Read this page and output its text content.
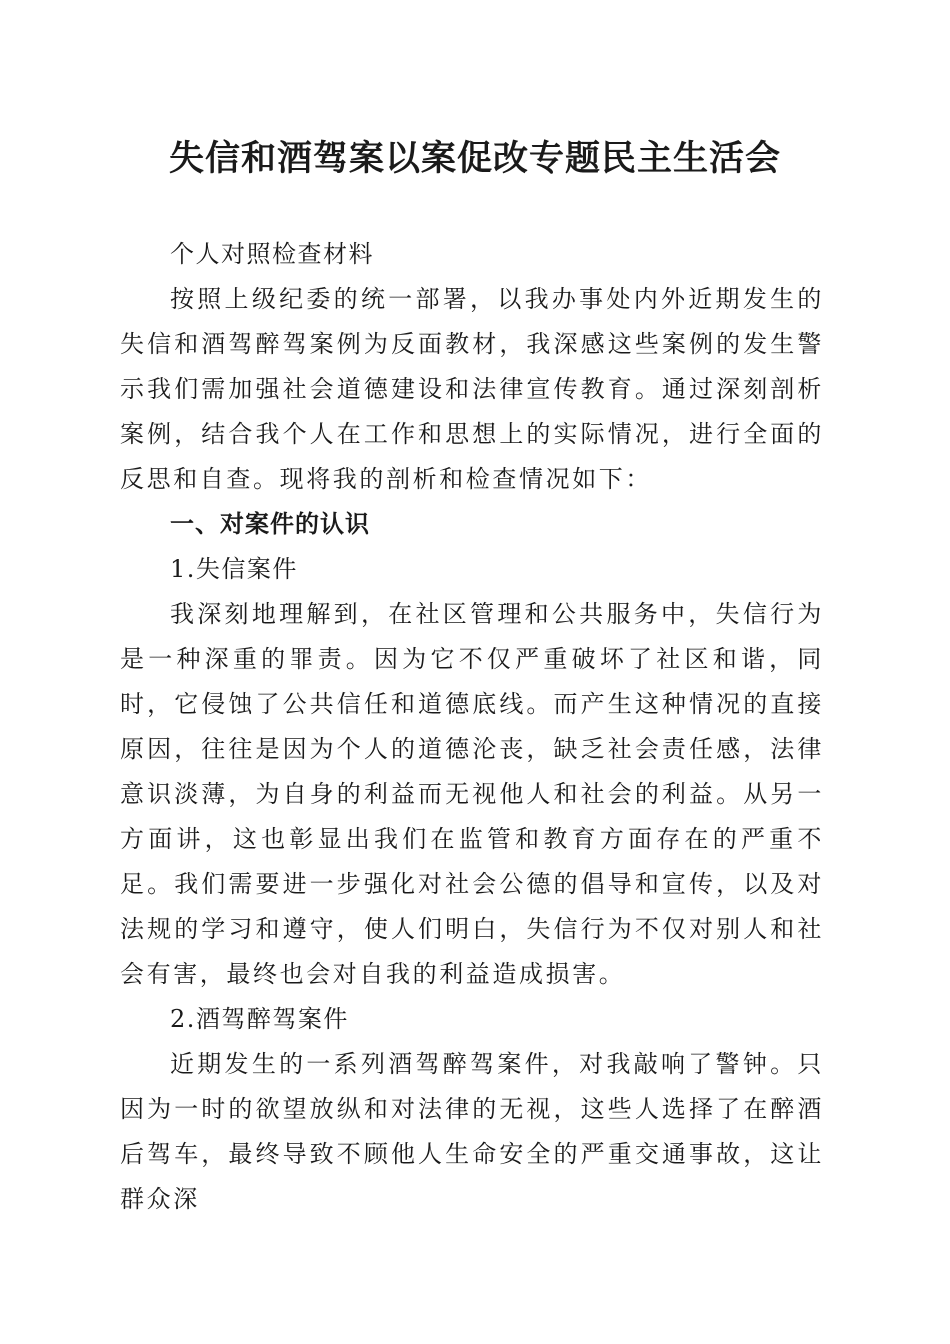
失信和酒驾案以案促改专题民主生活会

个人对照检查材料

按照上级纪委的统一部署，以我办事处内外近期发生的失信和酒驾醉驾案例为反面教材，我深感这些案例的发生警示我们需加强社会道德建设和法律宣传教育。通过深刻剖析案例，结合我个人在工作和思想上的实际情况，进行全面的反思和自查。现将我的剖析和检查情况如下：

一、对案件的认识

1.失信案件

我深刻地理解到，在社区管理和公共服务中，失信行为是一种深重的罪责。因为它不仅严重破坏了社区和谐，同时，它侵蚀了公共信任和道德底线。而产生这种情况的直接原因，往往是因为个人的道德沦丧，缺乏社会责任感，法律意识淡薄，为自身的利益而无视他人和社会的利益。从另一方面讲，这也彰显出我们在监管和教育方面存在的严重不足。我们需要进一步强化对社会公德的倡导和宣传，以及对法规的学习和遵守，使人们明白，失信行为不仅对别人和社会有害，最终也会对自我的利益造成损害。

2.酒驾醉驾案件

近期发生的一系列酒驾醉驾案件，对我敲响了警钟。只因为一时的欲望放纵和对法律的无视，这些人选择了在醉酒后驾车，最终导致不顾他人生命安全的严重交通事故，这让群众深
